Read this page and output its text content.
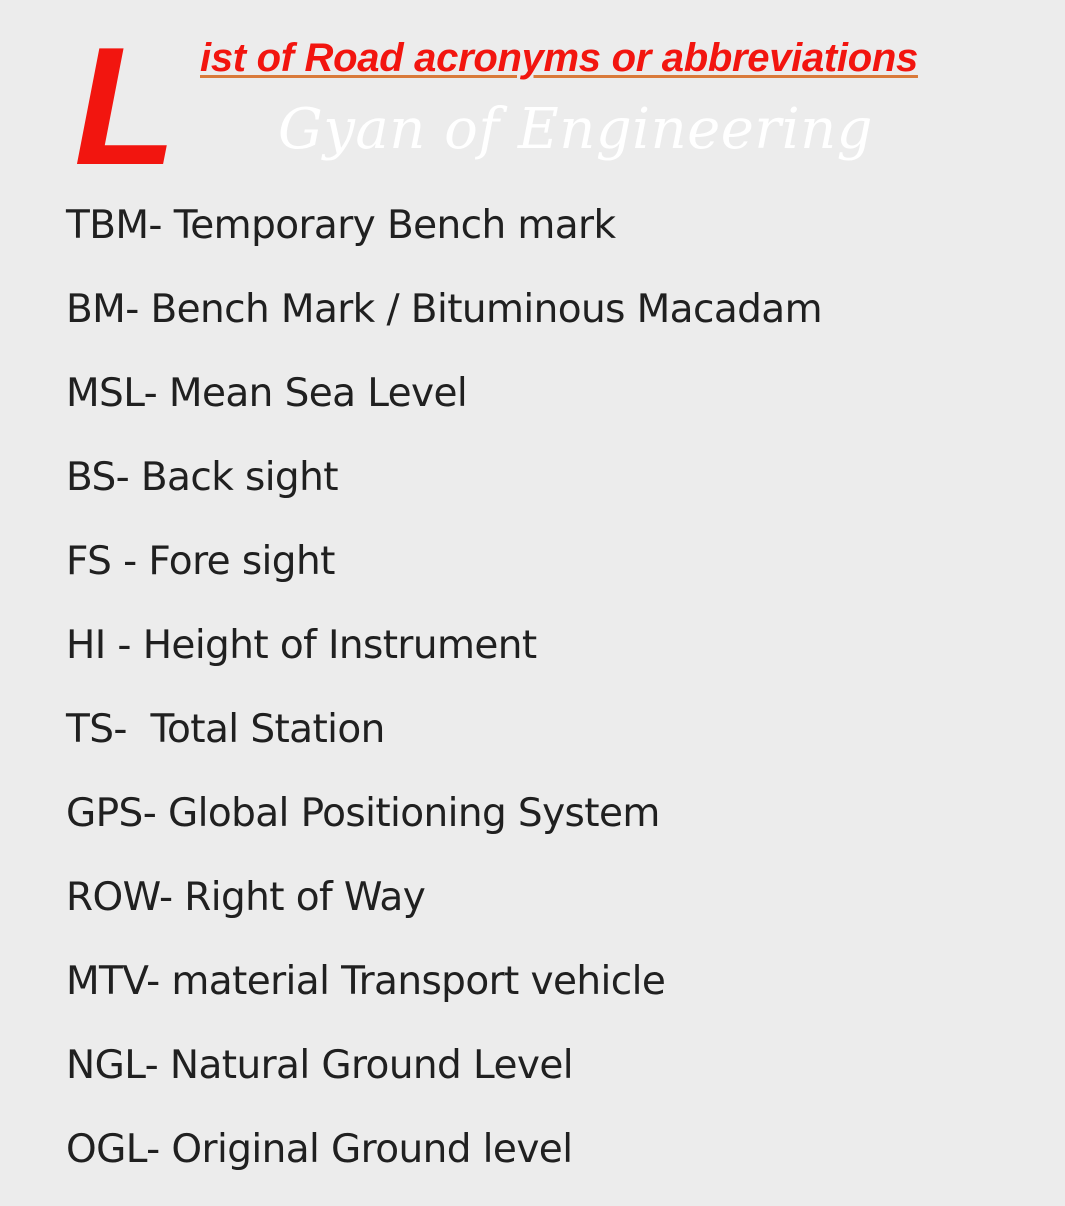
L ist of Road acronyms or abbreviations
Gyan of Engineering
TBM- Temporary Bench mark
BM- Bench Mark / Bituminous Macadam
MSL- Mean Sea Level
BS- Back sight
FS - Fore sight
HI - Height of Instrument
TS-  Total Station
GPS- Global Positioning System
ROW- Right of Way
MTV- material Transport vehicle
NGL- Natural Ground Level
OGL- Original Ground level
